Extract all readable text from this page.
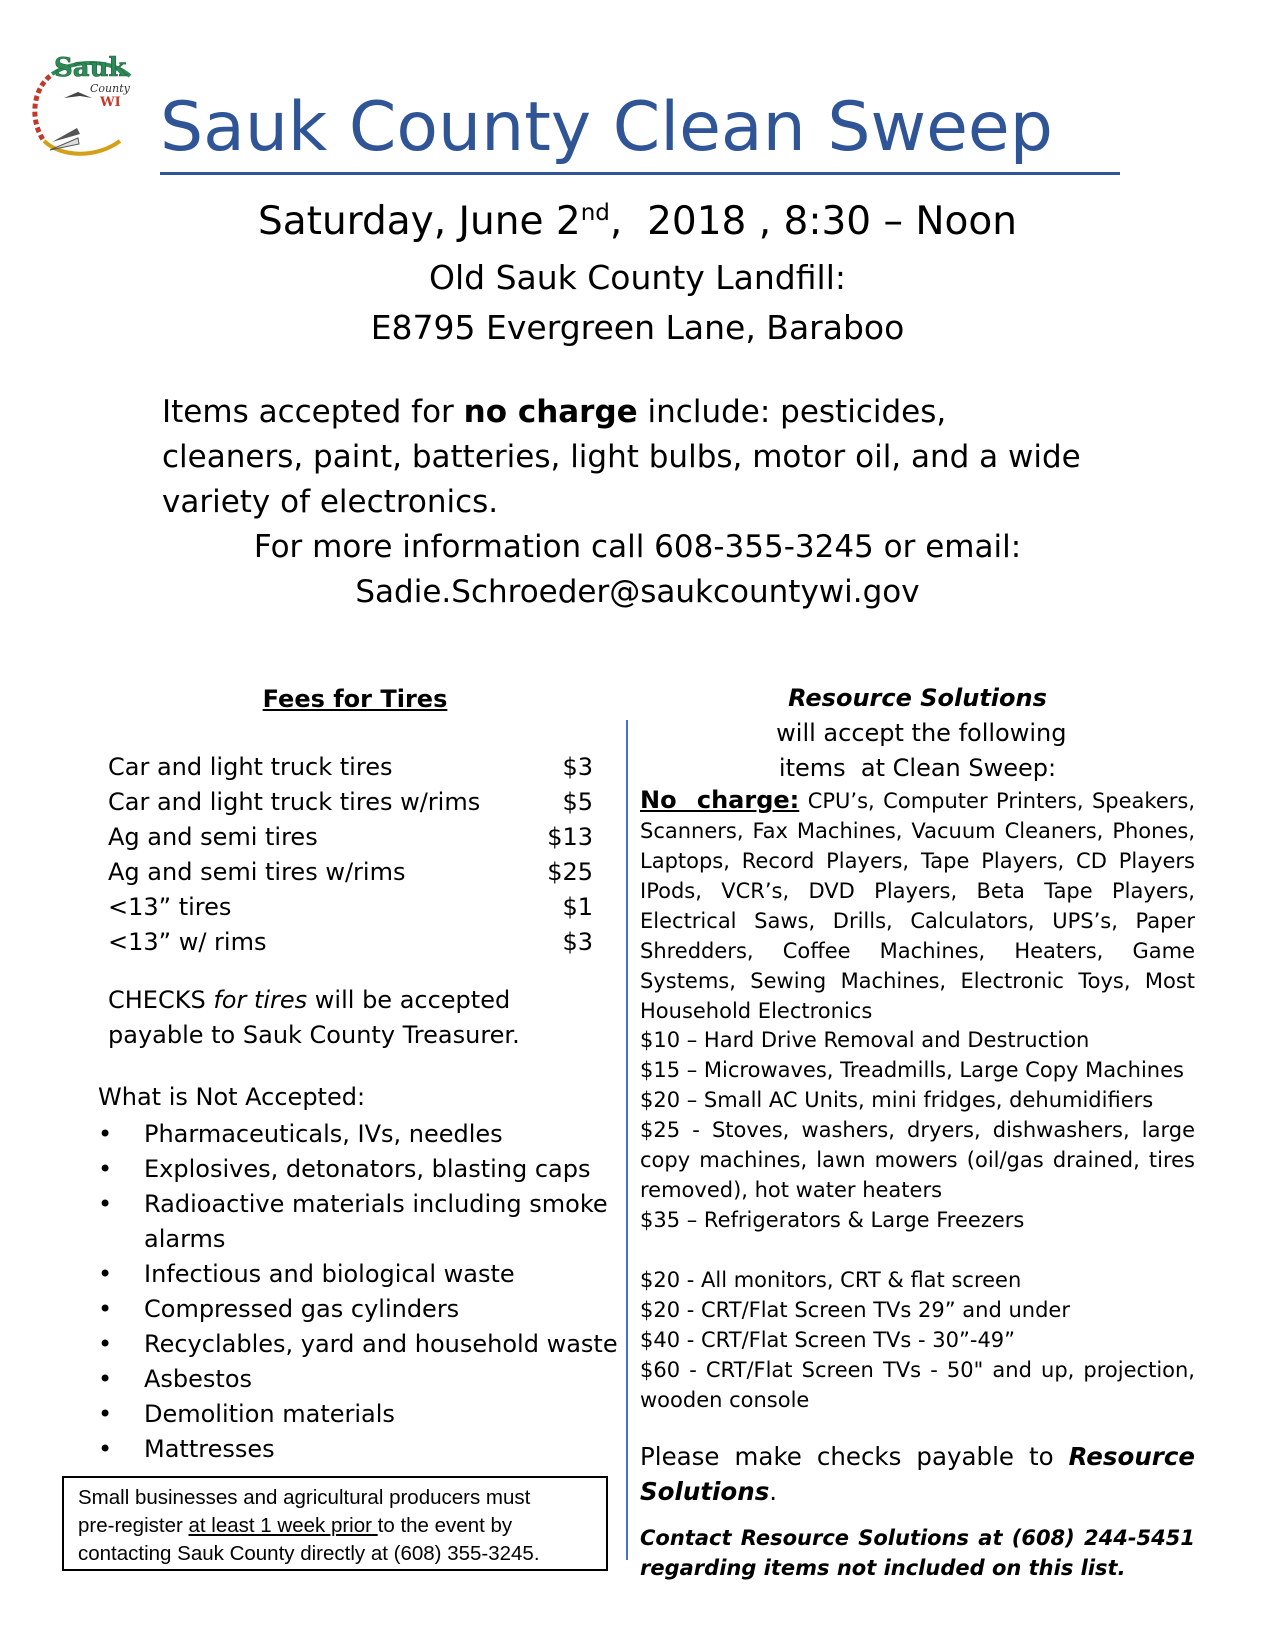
Sauk
County
WI Sauk County Clean Sweep
Saturday, June 2nd,  2018 , 8:30 – Noon
Old Sauk County Landfill:
E8795 Evergreen Lane, Baraboo
Items accepted for no charge include: pesticides, cleaners, paint, batteries, light bulbs, motor oil, and a wide variety of electronics.
For more information call 608-355-3245 or email:
Sadie.Schroeder@saukcountywi.gov
Fees for Tires
Car and light truck tires	$3
Car and light truck tires w/rims	$5
Ag and semi tires	$13
Ag and semi tires w/rims	$25
<13” tires	$1
<13” w/ rims	$3
CHECKS for tires will be accepted
payable to Sauk County Treasurer.
What is Not Accepted:
• Pharmaceuticals, IVs, needles
• Explosives, detonators, blasting caps
• Radioactive materials including smoke alarms
• Infectious and biological waste
• Compressed gas cylinders
• Recyclables, yard and household waste
• Asbestos
• Demolition materials
• Mattresses
Small businesses and agricultural producers must
pre-register at least 1 week prior to the event by
contacting Sauk County directly at (608) 355-3245.
Resource Solutions will accept the following
items  at Clean Sweep:
No  charge: CPU’s, Computer Printers, Speakers, Scanners, Fax Machines, Vacuum Cleaners, Phones, Laptops, Record Players, Tape Players, CD Players IPods, VCR’s, DVD Players, Beta Tape Players, Electrical Saws, Drills, Calculators, UPS’s, Paper Shredders, Coffee Machines, Heaters, Game Systems, Sewing Machines, Electronic Toys, Most Household Electronics
$10 – Hard Drive Removal and Destruction
$15 – Microwaves, Treadmills, Large Copy Machines
$20 – Small AC Units, mini fridges, dehumidifiers
$25 - Stoves, washers, dryers, dishwashers, large copy machines, lawn mowers (oil/gas drained, tires removed), hot water heaters
$35 – Refrigerators & Large Freezers
$20 - All monitors, CRT & flat screen
$20 - CRT/Flat Screen TVs 29” and under
$40 - CRT/Flat Screen TVs - 30”-49”
$60 - CRT/Flat Screen TVs - 50" and up, projection, wooden console
Please make checks payable to Resource Solutions.
Contact Resource Solutions at (608) 244-5451 regarding items not included on this list.
